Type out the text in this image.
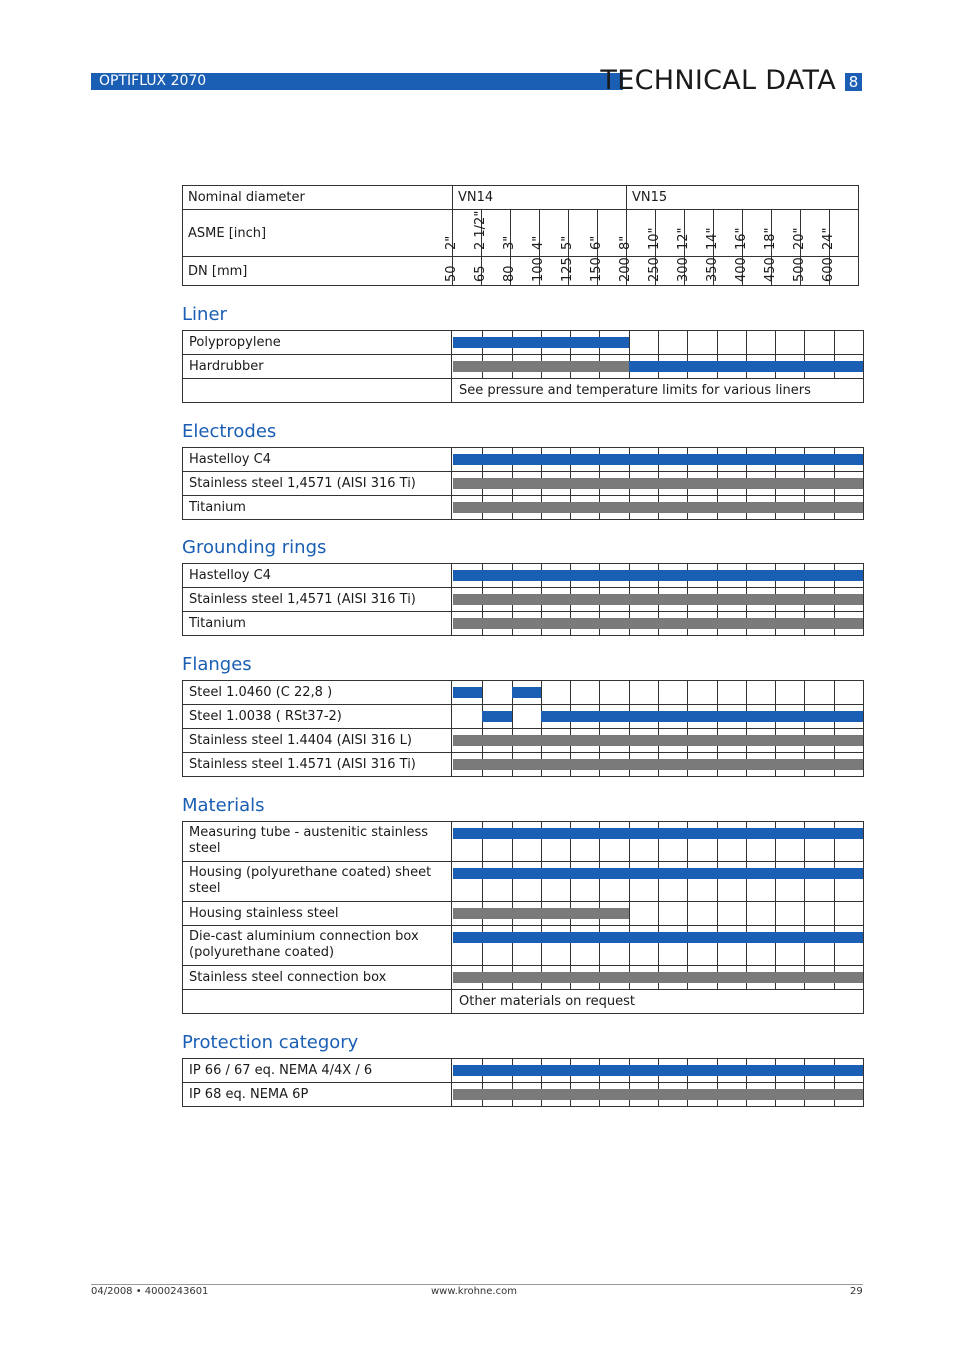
OPTIFLUX 2070	TECHNICAL DATA 8
Nominal diameter	VN14						VN15							
ASME [inch]	2"	2 1/2"	3"	4"	5"	6"	8"	10"	12"	14"	16"	18"	20"	24"

DN [mm]	50	65	80	100	125	150	200	250	300	350	400	450	500	600
Liner
Polypropylene
Hardrubber
See pressure and temperature limits for various liners
Electrodes
Hastelloy C4
Stainless steel 1,4571 (AISI 316 Ti)
Titanium
Grounding rings
Hastelloy C4
Stainless steel 1,4571 (AISI 316 Ti)
Titanium
Flanges
Steel 1.0460 (C 22,8 )
Steel 1.0038 ( RSt37-2)
Stainless steel 1.4404 (AISI 316 L)
Stainless steel 1.4571 (AISI 316 Ti)
Materials
Measuring tube - austenitic stainless steel
Housing (polyurethane coated) sheet steel
Housing stainless steel
Die-cast aluminium connection box (polyurethane coated)
Stainless steel connection box
Other materials on request
Protection category
IP 66 / 67 eq. NEMA 4/4X / 6
IP 68 eq. NEMA 6P
04/2008 • 4000243601	www.krohne.com	29
